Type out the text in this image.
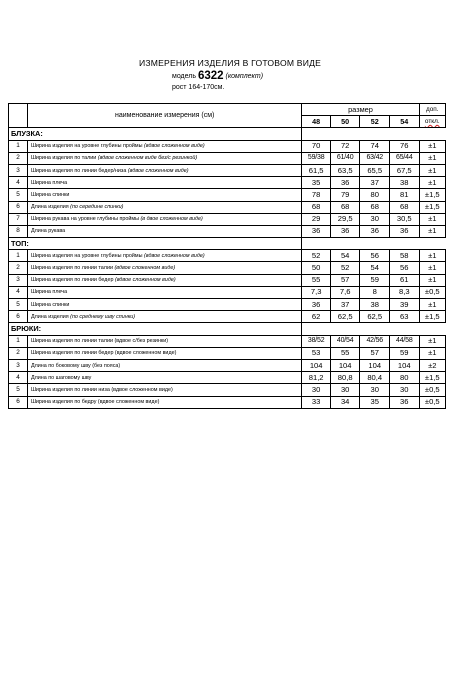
ИЗМЕРЕНИЯ ИЗДЕЛИЯ В ГОТОВОМ ВИДЕ
модель 6322 (комплект)
рост 164-170см.
	наименование измерения (см)	размер				доп.
		48	50	52	54	откл.
БЛУЗКА:						
1	Ширина изделия на уровне глубины проймы (вдвое сложенном виде)	70	72	74	76	±1
2	Ширина изделия по талии (вдвое сложенном виде без/с резинкой)	59/38	61/40	63/42	65/44	±1
3	Ширина изделия по линии бедер/низа (вдвое сложенном виде)	61,5	63,5	65,5	67,5	±1
4	Ширина плеча	35	36	37	38	±1
5	Ширина спинки	78	79	80	81	±1,5
6	Длина изделия (по середине спинки)	68	68	68	68	±1,5
7	Ширина рукава на уровне глубины проймы (в двое сложенном виде)	29	29,5	30	30,5	±1
8	Длина рукава	36	36	36	36	±1
ТОП:						
1	Ширина изделия на уровне глубины проймы (вдвое сложенном виде)	52	54	56	58	±1
2	Ширина изделия по линии талии (вдвое сложенном виде)	50	52	54	56	±1
3	Ширина изделия по линии бедер (вдвое сложенном виде)	55	57	59	61	±1
4	Ширина плеча	7,3	7,6	8	8,3	±0,5
5	Ширина спинки	36	37	38	39	±1
6	Длина изделия (по среднему шву спинки)	62	62,5	62,5	63	±1,5
БРЮКИ:						
1	Ширина изделия по линии талии (вдвое с/без резинки)	38/52	40/54	42/56	44/58	±1
2	Ширина изделия по линии бедер (вдвое сложенном виде)	53	55	57	59	±1
3	Длина по боковому шву (без пояса)	104	104	104	104	±2
4	Длина по шаговому шву	81,2	80,8	80,4	80	±1,5
5	Ширина изделия по линии низа (вдвое сложенном виде)	30	30	30	30	±0,5
6	Ширина изделия по бедру (вдвое сложенном виде)	33	34	35	36	±0,5
